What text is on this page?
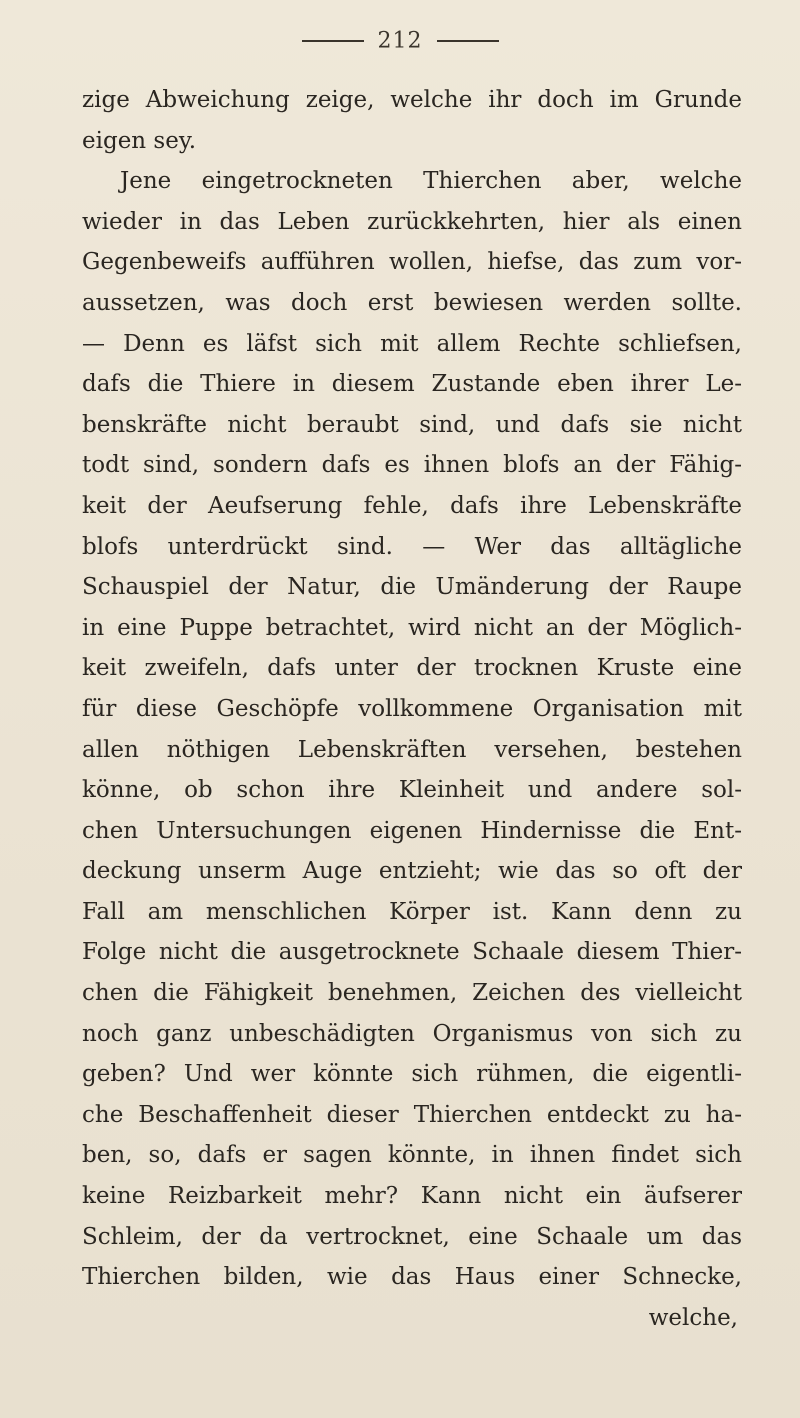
212
zige Abweichung zeige, welche ihr doch im Grunde
eigen sey.
Jene eingetrockneten Thierchen aber, welche
wieder in das Leben zurückkehrten, hier als einen
Gegenbeweifs aufführen wollen, hiefse, das zum vor-
aussetzen, was doch erst bewiesen werden sollte.
— Denn es läfst sich mit allem Rechte schliefsen,
dafs die Thiere in diesem Zustande eben ihrer Le-
benskräfte nicht beraubt sind, und dafs sie nicht
todt sind, sondern dafs es ihnen blofs an der Fähig-
keit der Aeufserung fehle, dafs ihre Lebenskräfte
blofs unterdrückt sind. — Wer das alltägliche
Schauspiel der Natur, die Umänderung der Raupe
in eine Puppe betrachtet, wird nicht an der Möglich-
keit zweifeln, dafs unter der trocknen Kruste eine
für diese Geschöpfe vollkommene Organisation mit
allen nöthigen Lebenskräften versehen, bestehen
könne, ob schon ihre Kleinheit und andere sol-
chen Untersuchungen eigenen Hindernisse die Ent-
deckung unserm Auge entzieht; wie das so oft der
Fall am menschlichen Körper ist. Kann denn zu
Folge nicht die ausgetrocknete Schaale diesem Thier-
chen die Fähigkeit benehmen, Zeichen des vielleicht
noch ganz unbeschädigten Organismus von sich zu
geben? Und wer könnte sich rühmen, die eigentli-
che Beschaffenheit dieser Thierchen entdeckt zu ha-
ben, so, dafs er sagen könnte, in ihnen findet sich
keine Reizbarkeit mehr? Kann nicht ein äufserer
Schleim, der da vertrocknet, eine Schaale um das
Thierchen bilden, wie das Haus einer Schnecke,
welche,
